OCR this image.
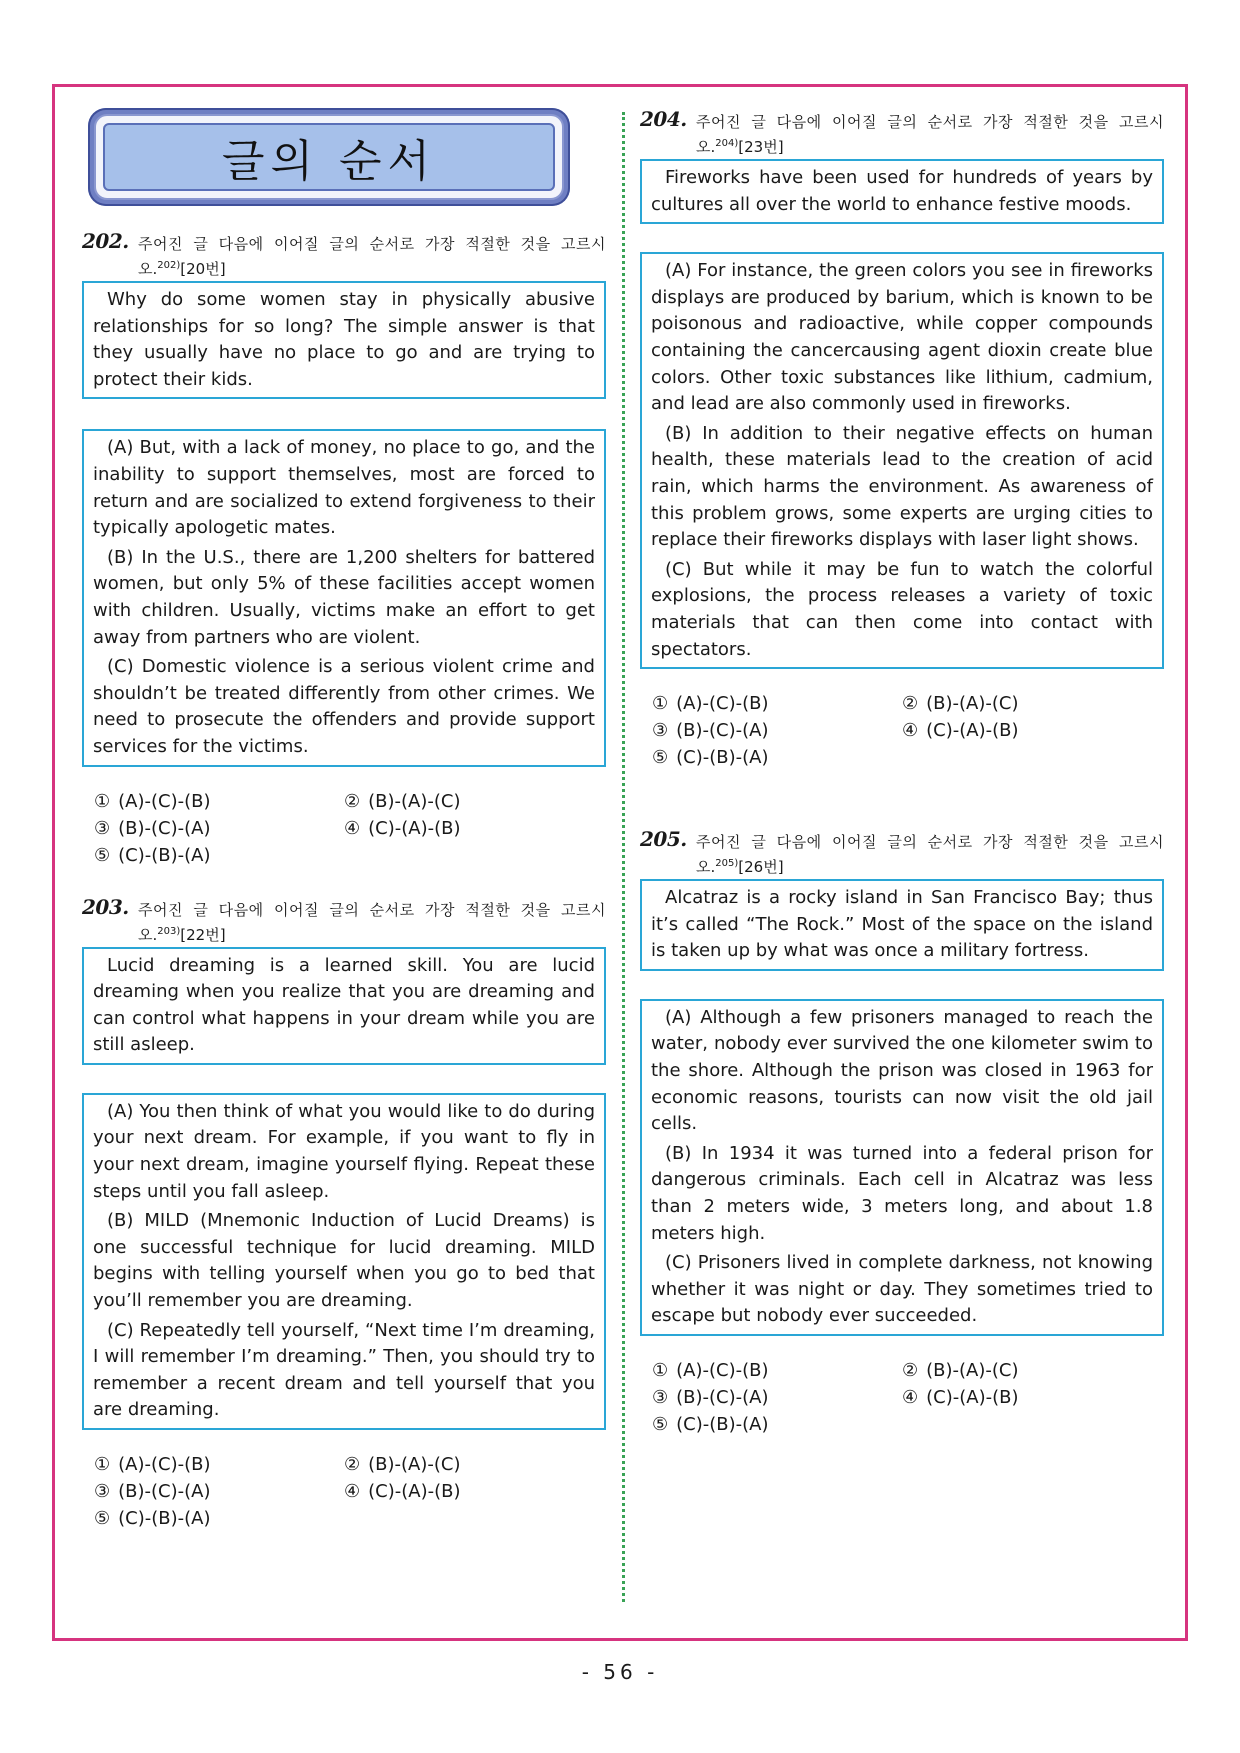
글의 순서
202. 주어진 글 다음에 이어질 글의 순서로 가장 적절한 것을 고르시
오.$^{202)}$[20번]

Why do some women stay in physically abusive relationships for so long? The simple answer is that they usually have no place to go and are trying to protect their kids.

(A) But, with a lack of money, no place to go, and the inability to support themselves, most are forced to return and are socialized to extend forgiveness to their typically apologetic mates.

(B) In the U.S., there are 1,200 shelters for battered women, but only 5% of these facilities accept women with children. Usually, victims make an effort to get away from partners who are violent.

(C) Domestic violence is a serious violent crime and shouldn’t be treated differently from other crimes. We need to prosecute the offenders and provide support services for the victims.

① (A)-(C)-(B)	② (B)-(A)-(C)
③ (B)-(C)-(A)	④ (C)-(A)-(B)
⑤ (C)-(B)-(A)
203. 주어진 글 다음에 이어질 글의 순서로 가장 적절한 것을 고르시
오.$^{203)}$[22번]

Lucid dreaming is a learned skill. You are lucid dreaming when you realize that you are dreaming and can control what happens in your dream while you are still asleep.

(A) You then think of what you would like to do during your next dream. For example, if you want to fly in your next dream, imagine yourself flying. Repeat these steps until you fall asleep.

(B) MILD (Mnemonic Induction of Lucid Dreams) is one successful technique for lucid dreaming. MILD begins with telling yourself when you go to bed that you’ll remember you are dreaming.

(C) Repeatedly tell yourself, “Next time I’m dreaming, I will remember I’m dreaming.” Then, you should try to remember a recent dream and tell yourself that you are dreaming.

① (A)-(C)-(B)	② (B)-(A)-(C)
③ (B)-(C)-(A)	④ (C)-(A)-(B)
⑤ (C)-(B)-(A)
204. 주어진 글 다음에 이어질 글의 순서로 가장 적절한 것을 고르시
오.$^{204)}$[23번]

Fireworks have been used for hundreds of years by cultures all over the world to enhance festive moods.

(A) For instance, the green colors you see in fireworks displays are produced by barium, which is known to be poisonous and radioactive, while copper compounds containing the cancercausing agent dioxin create blue colors. Other toxic substances like lithium, cadmium, and lead are also commonly used in fireworks.

(B) In addition to their negative effects on human health, these materials lead to the creation of acid rain, which harms the environment. As awareness of this problem grows, some experts are urging cities to replace their fireworks displays with laser light shows.

(C) But while it may be fun to watch the colorful explosions, the process releases a variety of toxic materials that can then come into contact with spectators.

① (A)-(C)-(B)	② (B)-(A)-(C)
③ (B)-(C)-(A)	④ (C)-(A)-(B)
⑤ (C)-(B)-(A)
205. 주어진 글 다음에 이어질 글의 순서로 가장 적절한 것을 고르시
오.$^{205)}$[26번]

Alcatraz is a rocky island in San Francisco Bay; thus it’s called “The Rock.” Most of the space on the island is taken up by what was once a military fortress.

(A) Although a few prisoners managed to reach the water, nobody ever survived the one kilometer swim to the shore. Although the prison was closed in 1963 for economic reasons, tourists can now visit the old jail cells.

(B) In 1934 it was turned into a federal prison for dangerous criminals. Each cell in Alcatraz was less than 2 meters wide, 3 meters long, and about 1.8 meters high.

(C) Prisoners lived in complete darkness, not knowing whether it was night or day. They sometimes tried to escape but nobody ever succeeded.

① (A)-(C)-(B)	② (B)-(A)-(C)
③ (B)-(C)-(A)	④ (C)-(A)-(B)
⑤ (C)-(B)-(A)
- 56 -
